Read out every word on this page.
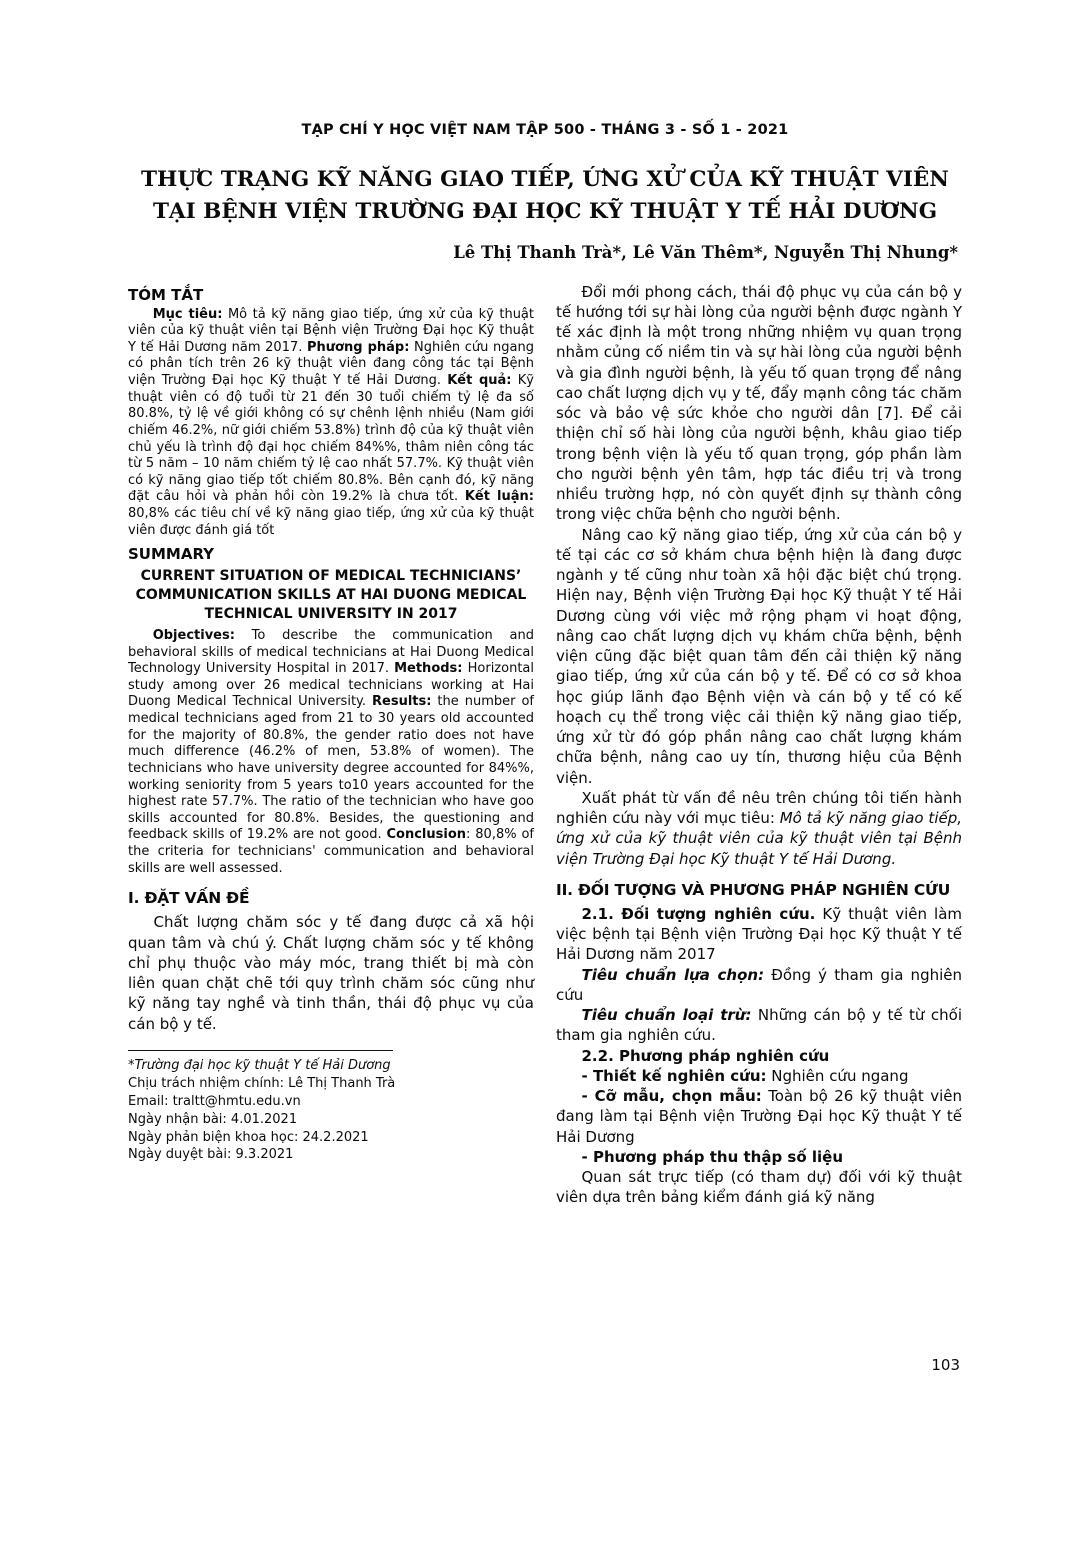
TẠP CHÍ Y HỌC VIỆT NAM TẬP 500 - THÁNG 3 - SỐ 1 - 2021
THỰC TRẠNG KỸ NĂNG GIAO TIẾP, ỨNG XỬ CỦA KỸ THUẬT VIÊN
TẠI BỆNH VIỆN TRƯỜNG ĐẠI HỌC KỸ THUẬT Y TẾ HẢI DƯƠNG
Lê Thị Thanh Trà*, Lê Văn Thêm*, Nguyễn Thị Nhung*
TÓM TẮT

Mục tiêu: Mô tả kỹ năng giao tiếp, ứng xử của kỹ thuật viên của kỹ thuật viên tại Bệnh viện Trường Đại học Kỹ thuật Y tế Hải Dương năm 2017. Phương pháp: Nghiên cứu ngang có phân tích trên 26 kỹ thuật viên đang công tác tại Bệnh viện Trường Đại học Kỹ thuật Y tế Hải Dương. Kết quả: Kỹ thuật viên có độ tuổi từ 21 đến 30 tuổi chiếm tỷ lệ đa số 80.8%, tỷ lệ về giới không có sự chênh lệnh nhiều (Nam giới chiếm 46.2%, nữ giới chiếm 53.8%) trình độ của kỹ thuật viên chủ yếu là trình độ đại học chiếm 84%%, thâm niên công tác từ 5 năm – 10 năm chiếm tỷ lệ cao nhất 57.7%. Kỹ thuật viên có kỹ năng giao tiếp tốt chiếm 80.8%. Bên cạnh đó, kỹ năng đặt câu hỏi và phản hồi còn 19.2% là chưa tốt. Kết luận: 80,8% các tiêu chí về kỹ năng giao tiếp, ứng xử của kỹ thuật viên được đánh giá tốt

SUMMARY
CURRENT SITUATION OF MEDICAL TECHNICIANS’ COMMUNICATION SKILLS AT HAI DUONG MEDICAL TECHNICAL UNIVERSITY IN 2017

Objectives: To describe the communication and behavioral skills of medical technicians at Hai Duong Medical Technology University Hospital in 2017. Methods: Horizontal study among over 26 medical technicians working at Hai Duong Medical Technical University. Results: the number of medical technicians aged from 21 to 30 years old accounted for the majority of 80.8%, the gender ratio does not have much difference (46.2% of men, 53.8% of women). The technicians who have university degree accounted for 84%%, working seniority from 5 years to10 years accounted for the highest rate 57.7%. The ratio of the technician who have goo skills accounted for 80.8%. Besides, the questioning and feedback skills of 19.2% are not good. Conclusion: 80,8% of the criteria for technicians' communication and behavioral skills are well assessed.

I. ĐẶT VẤN ĐỀ

Chất lượng chăm sóc y tế đang được cả xã hội quan tâm và chú ý. Chất lượng chăm sóc y tế không chỉ phụ thuộc vào máy móc, trang thiết bị mà còn liên quan chặt chẽ tới quy trình chăm sóc cũng như kỹ năng tay nghề và tinh thần, thái độ phục vụ của cán bộ y tế.

*Trường đại học kỹ thuật Y tế Hải Dương
Chịu trách nhiệm chính: Lê Thị Thanh Trà
Email: traltt@hmtu.edu.vn
Ngày nhận bài: 4.01.2021
Ngày phản biện khoa học: 24.2.2021
Ngày duyệt bài: 9.3.2021

Đổi mới phong cách, thái độ phục vụ của cán bộ y tế hướng tới sự hài lòng của người bệnh được ngành Y tế xác định là một trong những nhiệm vụ quan trọng nhằm củng cố niềm tin và sự hài lòng của người bệnh và gia đình người bệnh, là yếu tố quan trọng để nâng cao chất lượng dịch vụ y tế, đẩy mạnh công tác chăm sóc và bảo vệ sức khỏe cho người dân [7]. Để cải thiện chỉ số hài lòng của người bệnh, khâu giao tiếp trong bệnh viện là yếu tố quan trọng, góp phần làm cho người bệnh yên tâm, hợp tác điều trị và trong nhiều trường hợp, nó còn quyết định sự thành công trong việc chữa bệnh cho người bệnh.

Nâng cao kỹ năng giao tiếp, ứng xử của cán bộ y tế tại các cơ sở khám chưa bệnh hiện là đang được ngành y tế cũng như toàn xã hội đặc biệt chú trọng. Hiện nay, Bệnh viện Trường Đại học Kỹ thuật Y tế Hải Dương cùng với việc mở rộng phạm vi hoạt động, nâng cao chất lượng dịch vụ khám chữa bệnh, bệnh viện cũng đặc biệt quan tâm đến cải thiện kỹ năng giao tiếp, ứng xử của cán bộ y tế. Để có cơ sở khoa học giúp lãnh đạo Bệnh viện và cán bộ y tế có kế hoạch cụ thể trong việc cải thiện kỹ năng giao tiếp, ứng xử từ đó góp phần nâng cao chất lượng khám chữa bệnh, nâng cao uy tín, thương hiệu của Bệnh viện.

Xuất phát từ vấn đề nêu trên chúng tôi tiến hành nghiên cứu này với mục tiêu: Mô tả kỹ năng giao tiếp, ứng xử của kỹ thuật viên của kỹ thuật viên tại Bệnh viện Trường Đại học Kỹ thuật Y tế Hải Dương.

II. ĐỐI TƯỢNG VÀ PHƯƠNG PHÁP NGHIÊN CỨU

2.1. Đối tượng nghiên cứu. Kỹ thuật viên làm việc bệnh tại Bệnh viện Trường Đại học Kỹ thuật Y tế Hải Dương năm 2017

Tiêu chuẩn lựa chọn: Đồng ý tham gia nghiên cứu

Tiêu chuẩn loại trừ: Những cán bộ y tế từ chối tham gia nghiên cứu.

2.2. Phương pháp nghiên cứu

- Thiết kế nghiên cứu: Nghiên cứu ngang

- Cỡ mẫu, chọn mẫu: Toàn bộ 26 kỹ thuật viên đang làm tại Bệnh viện Trường Đại học Kỹ thuật Y tế Hải Dương

- Phương pháp thu thập số liệu

Quan sát trực tiếp (có tham dự) đối với kỹ thuật viên dựa trên bảng kiểm đánh giá kỹ năng

103
